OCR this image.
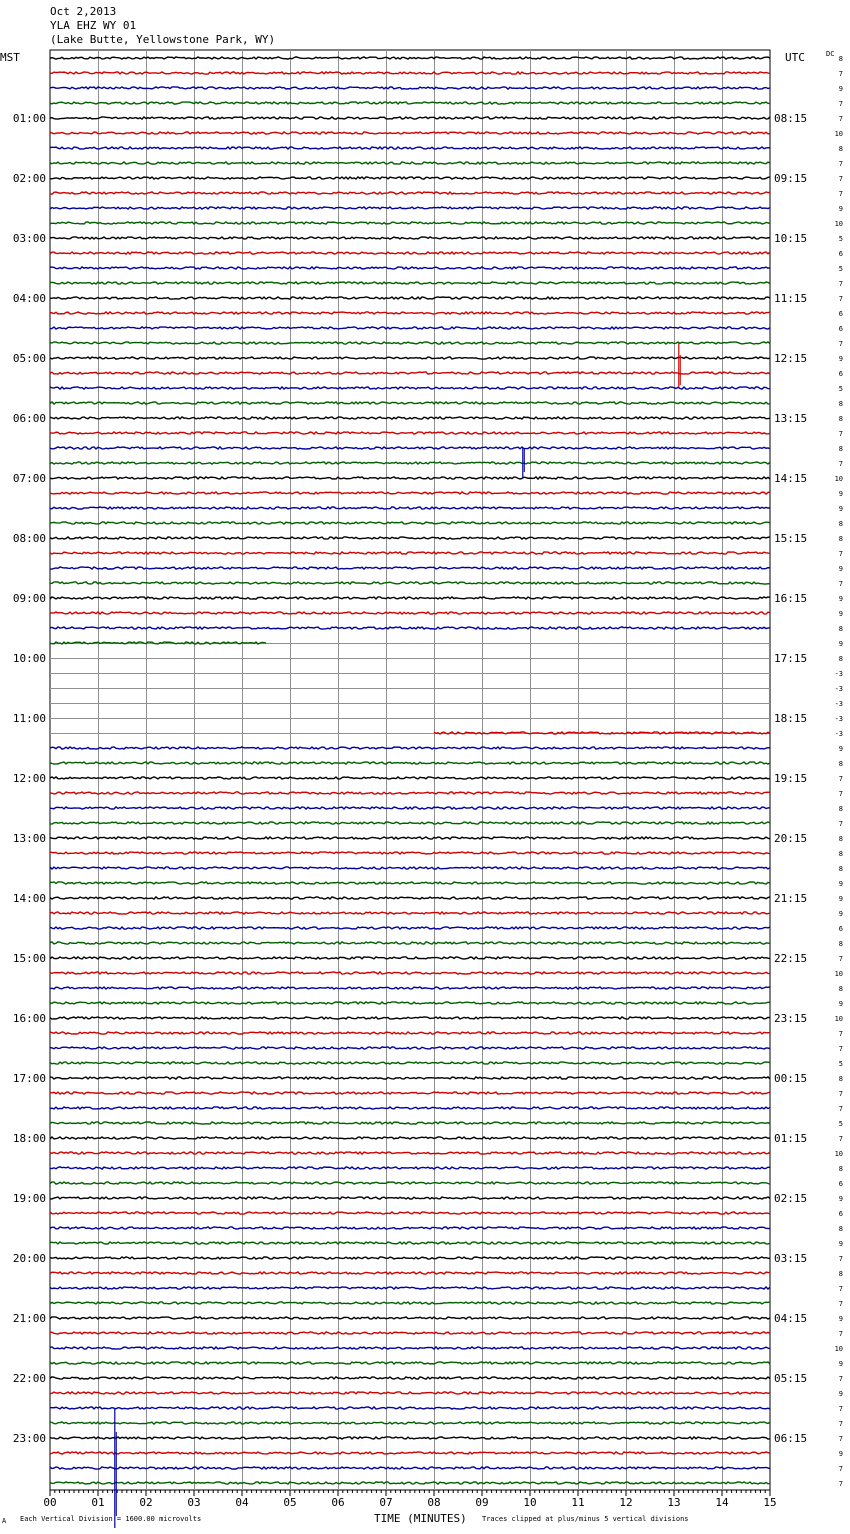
Oct 2,2013
YLA EHZ WY 01
(Lake Butte, Yellowstone Park, WY)
00	01	02	03	04	05	06	07	08	09	10	11	12	13	14	15
8
7
9
7
7
10
8
7
7
7
9
10
5
6
5
7
7
6
6
7
9
6
5
8
8
7
8
7
10
9
9
8
8
7
9
7
9
9
8
9
8
-3
-3
-3
-3
-3
9
8
7
7
8
7
8
8
8
9
9
9
6
8
7
10
8
9
10
7
7
5
8
7
7
5
7
10
8
6
9
6
8
9
7
8
7
7
9
7
10
9
7
9
7
7
7
9
7
7
MST	UTC	DC
01:00
02:00
03:00
04:00
05:00
06:00
07:00
08:00
09:00
10:00
11:00
12:00
13:00
14:00
15:00
16:00
17:00
18:00
19:00
20:00
21:00
22:00
23:00
08:15
09:15
10:15
11:15
12:15
13:15
14:15
15:15
16:15
17:15
18:15
19:15
20:15
21:15
22:15
23:15
00:15
01:15
02:15
03:15
04:15
05:15
06:15
A Each Vertical Division = 1600.00 microvolts	TIME (MINUTES) Traces clipped at plus/minus 5 vertical divisions
